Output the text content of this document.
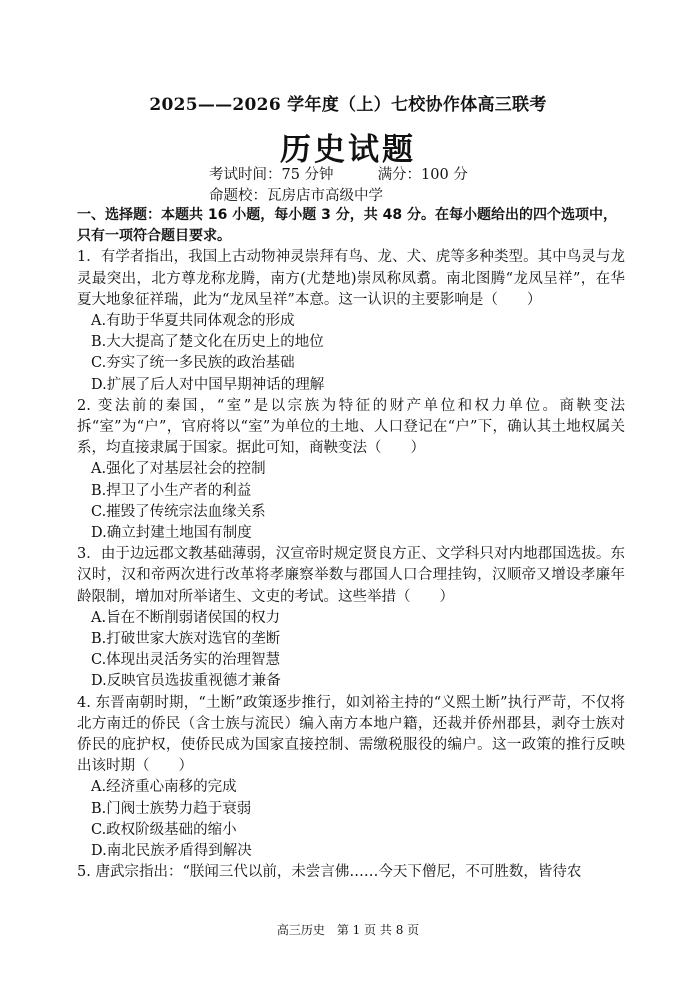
2025——2026 学年度（上）七校协作体高三联考
历史试题
考试时间：75 分钟	满分：100 分
命题校：瓦房店市高级中学
一、选择题：本题共 16 小题，每小题 3 分，共 48 分。在每小题给出的四个选项中，只有一项符合题目要求。
1．有学者指出，我国上古动物神灵崇拜有鸟、龙、犬、虎等多种类型。其中鸟灵与龙灵最突出，北方尊龙称龙腾，南方(尤楚地)崇凤称凤翥。南北图腾“龙凤呈祥”，在华夏大地象征祥瑞，此为“龙凤呈祥”本意。这一认识的主要影响是（　　）
A.有助于华夏共同体观念的形成
B.大大提高了楚文化在历史上的地位
C.夯实了统一多民族的政治基础
D.扩展了后人对中国早期神话的理解
2. 变法前的秦国，“室”是以宗族为特征的财产单位和权力单位。商鞅变法拆“室”为“户”，官府将以“室”为单位的土地、人口登记在“户”下，确认其土地权属关系，均直接隶属于国家。据此可知，商鞅变法（　　）
A.强化了对基层社会的控制
B.捍卫了小生产者的利益
C.摧毁了传统宗法血缘关系
D.确立封建土地国有制度
3．由于边远郡文教基础薄弱，汉宣帝时规定贤良方正、文学科只对内地郡国选拔。东汉时，汉和帝两次进行改革将孝廉察举数与郡国人口合理挂钩，汉顺帝又增设孝廉年龄限制，增加对所举诸生、文吏的考试。这些举措（　　）
A.旨在不断削弱诸侯国的权力
B.打破世家大族对选官的垄断
C.体现出灵活务实的治理智慧
D.反映官员选拔重视德才兼备
4. 东晋南朝时期，“土断”政策逐步推行，如刘裕主持的“义熙土断”执行严苛，不仅将北方南迁的侨民（含士族与流民）编入南方本地户籍，还裁并侨州郡县，剥夺士族对侨民的庇护权，使侨民成为国家直接控制、需缴税服役的编户。这一政策的推行反映出该时期（　　）
A.经济重心南移的完成
B.门阀士族势力趋于衰弱
C.政权阶级基础的缩小
D.南北民族矛盾得到解决
5. 唐武宗指出：“朕闻三代以前，未尝言佛……今天下僧尼，不可胜数，皆待农
高三历史　第 1 页 共 8 页
